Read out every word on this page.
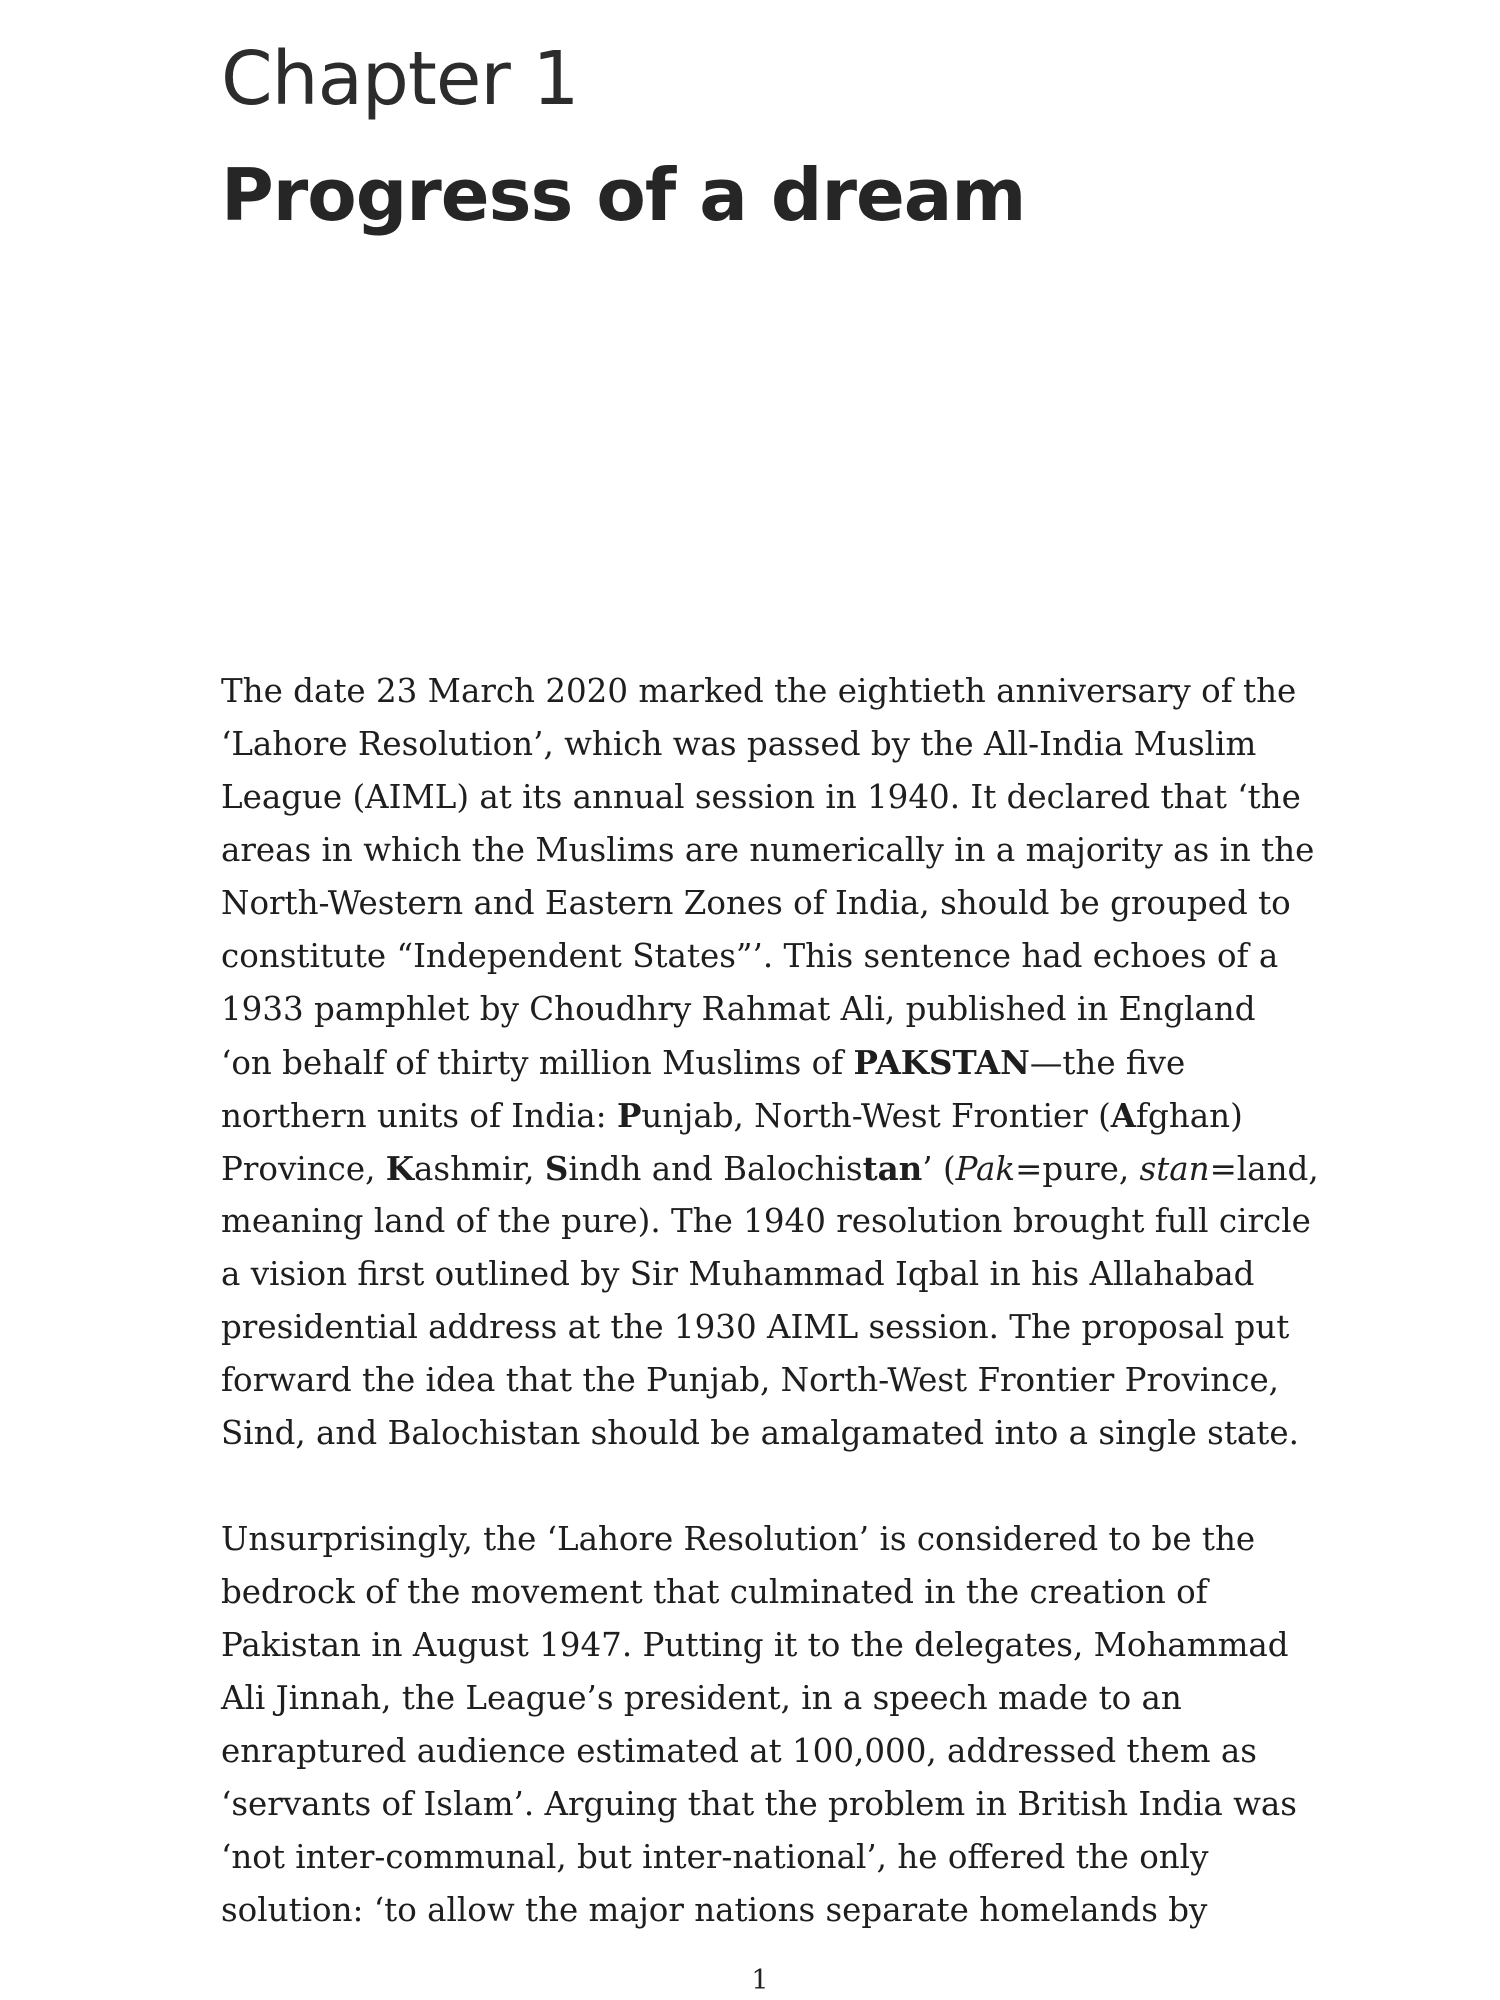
Chapter 1
Progress of a dream
The date 23 March 2020 marked the eightieth anniversary of the
‘Lahore Resolution’, which was passed by the All-India Muslim
League (AIML) at its annual session in 1940. It declared that ‘the
areas in which the Muslims are numerically in a majority as in the
North-Western and Eastern Zones of India, should be grouped to
constitute “Independent States”’. This sentence had echoes of a
1933 pamphlet by Choudhry Rahmat Ali, published in England
‘on behalf of thirty million Muslims of PAKSTAN—the five
northern units of India: Punjab, North-West Frontier (Afghan)
Province, Kashmir, Sindh and Balochistan’ (Pak=pure, stan=land,
meaning land of the pure). The 1940 resolution brought full circle
a vision first outlined by Sir Muhammad Iqbal in his Allahabad
presidential address at the 1930 AIML session. The proposal put
forward the idea that the Punjab, North-West Frontier Province,
Sind, and Balochistan should be amalgamated into a single state.
Unsurprisingly, the ‘Lahore Resolution’ is considered to be the
bedrock of the movement that culminated in the creation of
Pakistan in August 1947. Putting it to the delegates, Mohammad
Ali Jinnah, the League’s president, in a speech made to an
enraptured audience estimated at 100,000, addressed them as
‘servants of Islam’. Arguing that the problem in British India was
‘not inter-communal, but inter-national’, he offered the only
solution: ‘to allow the major nations separate homelands by
1
